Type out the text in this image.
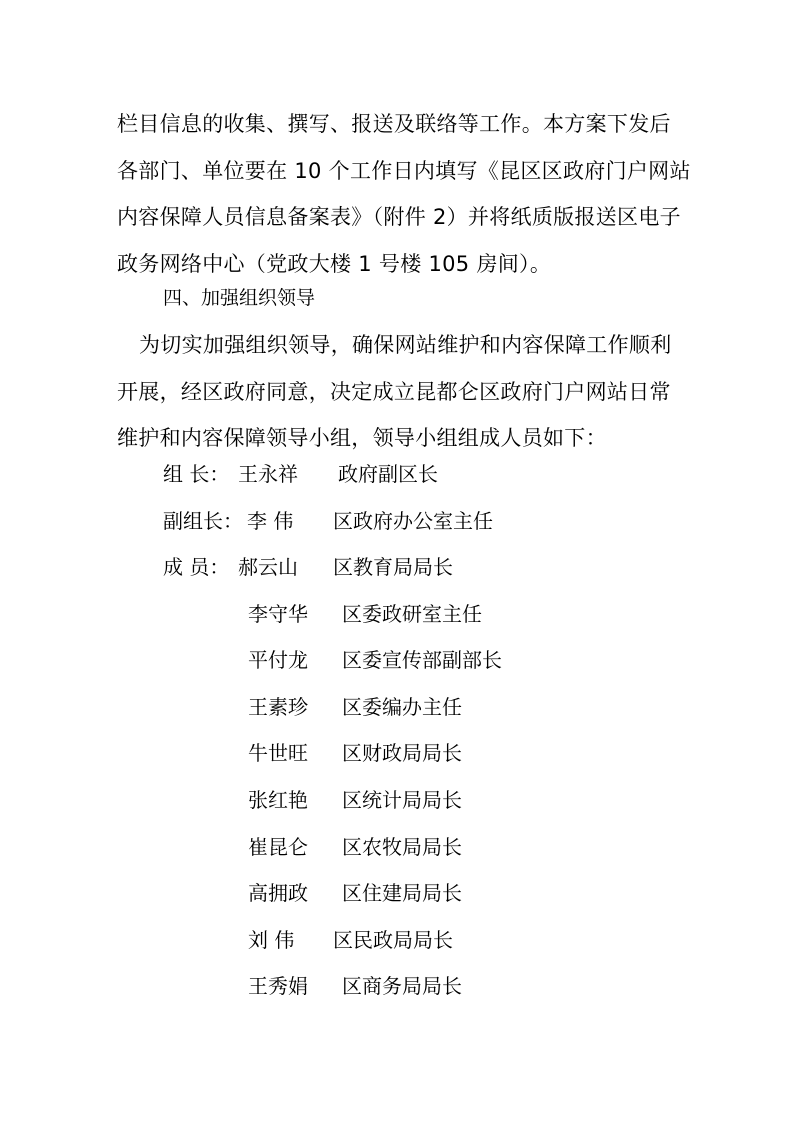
栏目信息的收集、撰写、报送及联络等工作。本方案下发后
各部门、单位要在 10 个工作日内填写《昆区区政府门户网站
内容保障人员信息备案表》（附件 2）并将纸质版报送区电子
政务网络中心（党政大楼 1 号楼 105 房间）。
四、加强组织领导
为切实加强组织领导，确保网站维护和内容保障工作顺利
开展，经区政府同意，决定成立昆都仑区政府门户网站日常
维护和内容保障领导小组，领导小组组成人员如下：
组 长： 王永祥 政府副区长
副组长： 李 伟 区政府办公室主任
成 员： 郝云山 区教育局局长
李守华 区委政研室主任
平付龙 区委宣传部副部长
王素珍 区委编办主任
牛世旺 区财政局局长
张红艳 区统计局局长
崔昆仑 区农牧局局长
高拥政 区住建局局长
刘 伟 区民政局局长
王秀娟 区商务局局长
